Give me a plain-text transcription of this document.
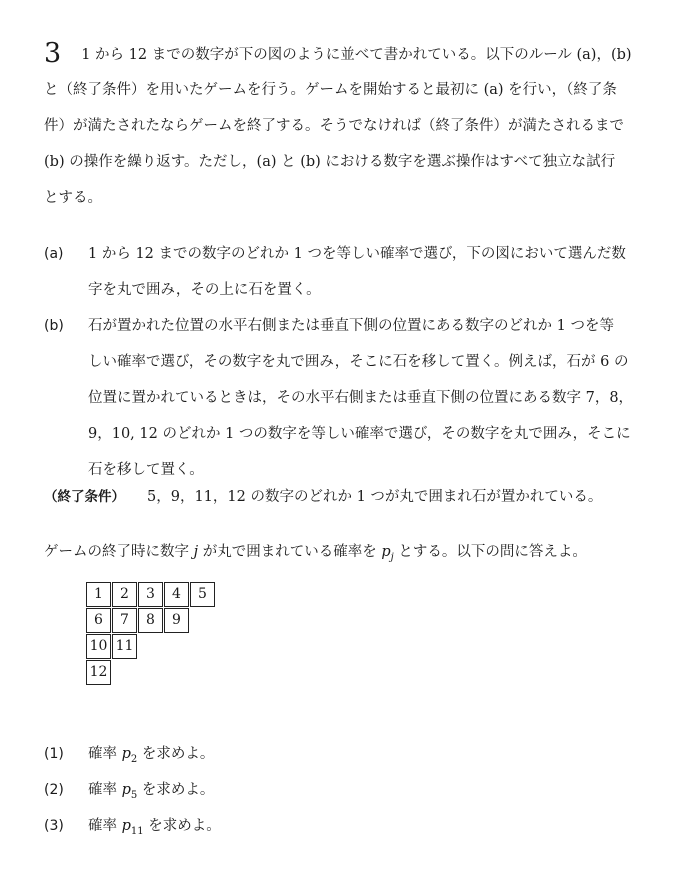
3 1 から 12 までの数字が下の図のように並べて書かれている。以下のルール (a)，(b)
と（終了条件）を用いたゲームを行う。ゲームを開始すると最初に (a) を行い，（終了条
件）が満たされたならゲームを終了する。そうでなければ（終了条件）が満たされるまで
(b) の操作を繰り返す。ただし，(a) と (b) における数字を選ぶ操作はすべて独立な試行
とする。
(a) 1 から 12 までの数字のどれか 1 つを等しい確率で選び，下の図において選んだ数
字を丸で囲み，その上に石を置く。
(b) 石が置かれた位置の水平右側または垂直下側の位置にある数字のどれか 1 つを等
しい確率で選び，その数字を丸で囲み，そこに石を移して置く。例えば，石が 6 の
位置に置かれているときは，その水平右側または垂直下側の位置にある数字 7，8，
9，10, 12 のどれか 1 つの数字を等しい確率で選び，その数字を丸で囲み，そこに
石を移して置く。
（終了条件） 5，9，11，12 の数字のどれか 1 つが丸で囲まれ石が置かれている。
ゲームの終了時に数字 j が丸で囲まれている確率を $p_j$ とする。以下の問に答えよ。
1	2	3	4	5
6	7	8	9
10 11
12
(1) 確率 $p_2$ を求めよ。
(2) 確率 $p_5$ を求めよ。
(3) 確率 $p_{11}$ を求めよ。
